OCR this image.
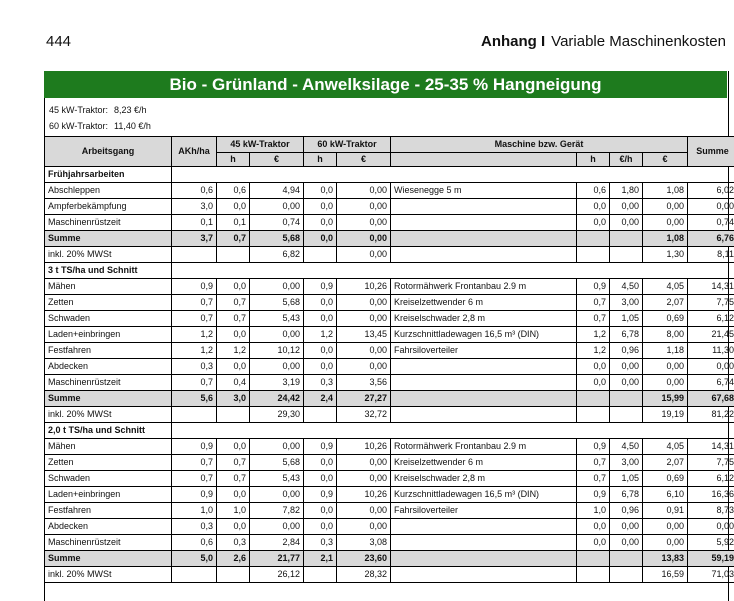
444	Anhang I Variable Maschinenkosten
Bio - Grünland - Anwelksilage - 25-35 % Hangneigung
45 kW-Traktor: 8,23 €/h
60 kW-Traktor: 11,40 €/h
Arbeitsgang	AKh/ha	45 kW-Traktor		60 kW-Traktor		Maschine bzw. Gerät				Summe
		h	€	h	€		h	€/h	€	
Frühjahrsarbeiten										
Abschleppen	0,6	0,6	4,94	0,0	0,00	Wiesenegge 5 m	0,6	1,80	1,08	6,02
Ampferbekämpfung	3,0	0,0	0,00	0,0	0,00		0,0	0,00	0,00	0,00
Maschinenrüstzeit	0,1	0,1	0,74	0,0	0,00		0,0	0,00	0,00	0,74
Summe	3,7	0,7	5,68	0,0	0,00				1,08	6,76
inkl. 20% MWSt			6,82		0,00				1,30	8,11
3 t TS/ha und Schnitt										
Mähen	0,9	0,0	0,00	0,9	10,26	Rotormähwerk Frontanbau 2.9 m	0,9	4,50	4,05	14,31
Zetten	0,7	0,7	5,68	0,0	0,00	Kreiselzettwender 6 m	0,7	3,00	2,07	7,75
Schwaden	0,7	0,7	5,43	0,0	0,00	Kreiselschwader 2,8 m	0,7	1,05	0,69	6,12
Laden+einbringen	1,2	0,0	0,00	1,2	13,45	Kurzschnittladewagen 16,5 m³ (DIN)	1,2	6,78	8,00	21,45
Festfahren	1,2	1,2	10,12	0,0	0,00	Fahrsiloverteiler	1,2	0,96	1,18	11,30
Abdecken	0,3	0,0	0,00	0,0	0,00		0,0	0,00	0,00	0,00
Maschinenrüstzeit	0,7	0,4	3,19	0,3	3,56		0,0	0,00	0,00	6,74
Summe	5,6	3,0	24,42	2,4	27,27				15,99	67,68
inkl. 20% MWSt			29,30		32,72				19,19	81,22
2,0 t TS/ha und Schnitt										
Mähen	0,9	0,0	0,00	0,9	10,26	Rotormähwerk Frontanbau 2.9 m	0,9	4,50	4,05	14,31
Zetten	0,7	0,7	5,68	0,0	0,00	Kreiselzettwender 6 m	0,7	3,00	2,07	7,75
Schwaden	0,7	0,7	5,43	0,0	0,00	Kreiselschwader 2,8 m	0,7	1,05	0,69	6,12
Laden+einbringen	0,9	0,0	0,00	0,9	10,26	Kurzschnittladewagen 16,5 m³ (DIN)	0,9	6,78	6,10	16,36
Festfahren	1,0	1,0	7,82	0,0	0,00	Fahrsiloverteiler	1,0	0,96	0,91	8,73
Abdecken	0,3	0,0	0,00	0,0	0,00		0,0	0,00	0,00	0,00
Maschinenrüstzeit	0,6	0,3	2,84	0,3	3,08		0,0	0,00	0,00	5,92
Summe	5,0	2,6	21,77	2,1	23,60				13,83	59,19
inkl. 20% MWSt			26,12		28,32				16,59	71,03
